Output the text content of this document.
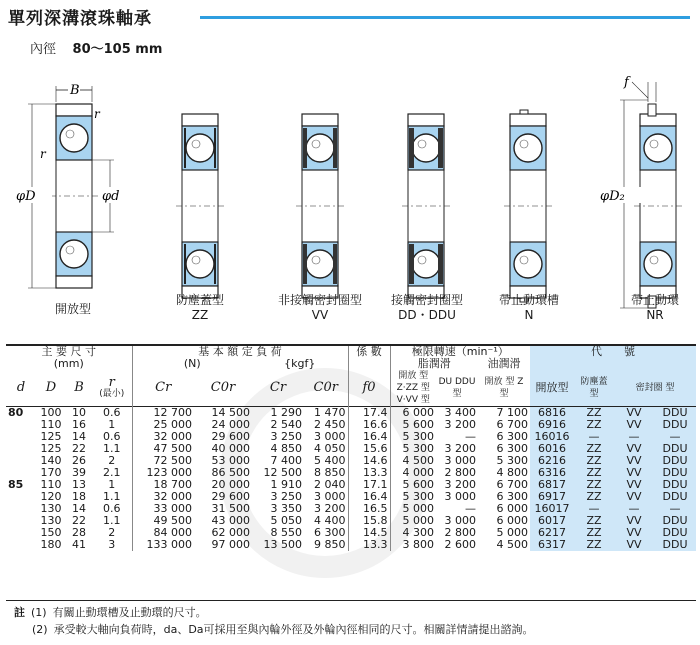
單列深溝滾珠軸承
內徑 80～105 mm
B
r
r
φD	φd
f
φD₂
開放型
防塵蓋型
ZZ
非接觸密封圈型
VV
接觸密封圈型
DD・DDU
帶止動環槽
N
帶止動環
NR
主 要 尺 寸				基 本 額 定 負 荷				係 數	極限轉速（min⁻¹）			代　　號			
(mm)				(N)		{kgf}			脂潤滑		油潤滑				
d	D	B	r
(最小)	Cr	C0r	Cr	C0r	f0	開放 型 Z·ZZ 型 V·VV 型	DU DDU 型	開放 型 Z 型	開放型	防塵蓋 型	密封圈 型	
80	100	10	0.6	12 700	14 500	1 290	1 470	17.4	6 000	3 400	7 100	6816	ZZ	VV	DDU
	110	16	1	25 000	24 000	2 540	2 450	16.6	5 600	3 200	6 700	6916	ZZ	VV	DDU
	125	14	0.6	32 000	29 600	3 250	3 000	16.4	5 300	—	6 300	16016	—	—	—
	125	22	1.1	47 500	40 000	4 850	4 050	15.6	5 300	3 200	6 300	6016	ZZ	VV	DDU
	140	26	2	72 500	53 000	7 400	5 400	14.6	4 500	3 000	5 300	6216	ZZ	VV	DDU
	170	39	2.1	123 000	86 500	12 500	8 850	13.3	4 000	2 800	4 800	6316	ZZ	VV	DDU
85	110	13	1	18 700	20 000	1 910	2 040	17.1	5 600	3 200	6 700	6817	ZZ	VV	DDU
	120	18	1.1	32 000	29 600	3 250	3 000	16.4	5 300	3 000	6 300	6917	ZZ	VV	DDU
	130	14	0.6	33 000	31 500	3 350	3 200	16.5	5 000	—	6 000	16017	—	—	—
	130	22	1.1	49 500	43 000	5 050	4 400	15.8	5 000	3 000	6 000	6017	ZZ	VV	DDU
	150	28	2	84 000	62 000	8 550	6 300	14.5	4 300	2 800	5 000	6217	ZZ	VV	DDU
	180	41	3	133 000	97 000	13 500	9 850	13.3	3 800	2 600	4 500	6317	ZZ	VV	DDU
註 (1) 有關止動環槽及止動環的尺寸。
(2) 承受較大軸向負荷時，da、Da可採用至與內輪外徑及外輪內徑相同的尺寸。相關詳情請提出諮詢。
